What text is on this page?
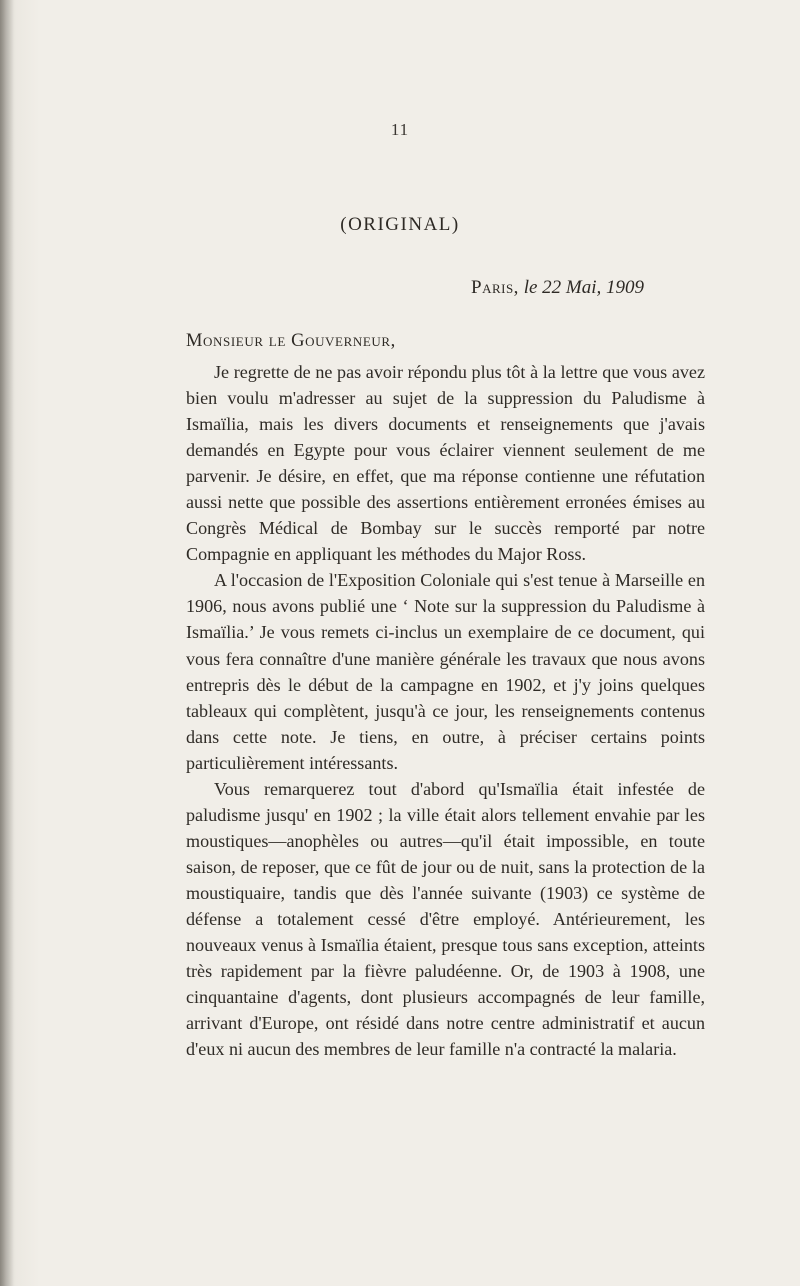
11
(ORIGINAL)
Paris, le 22 Mai, 1909
Monsieur le Gouverneur,

Je regrette de ne pas avoir répondu plus tôt à la lettre que vous avez bien voulu m'adresser au sujet de la suppression du Paludisme à Ismaïlia, mais les divers documents et renseignements que j'avais demandés en Egypte pour vous éclairer viennent seulement de me parvenir. Je désire, en effet, que ma réponse contienne une réfutation aussi nette que possible des assertions entièrement erronées émises au Congrès Médical de Bombay sur le succès remporté par notre Compagnie en appliquant les méthodes du Major Ross.

A l'occasion de l'Exposition Coloniale qui s'est tenue à Marseille en 1906, nous avons publié une ‘ Note sur la suppression du Paludisme à Ismaïlia.’ Je vous remets ci-inclus un exemplaire de ce document, qui vous fera connaître d'une manière générale les travaux que nous avons entrepris dès le début de la campagne en 1902, et j'y joins quelques tableaux qui complètent, jusqu'à ce jour, les renseignements contenus dans cette note. Je tiens, en outre, à préciser certains points particulièrement intéressants.

Vous remarquerez tout d'abord qu'Ismaïlia était infestée de paludisme jusqu' en 1902 ; la ville était alors tellement envahie par les moustiques—anophèles ou autres—qu'il était impossible, en toute saison, de reposer, que ce fût de jour ou de nuit, sans la protection de la moustiquaire, tandis que dès l'année suivante (1903) ce système de défense a totalement cessé d'être employé. Antérieurement, les nouveaux venus à Ismaïlia étaient, presque tous sans exception, atteints très rapidement par la fièvre paludéenne. Or, de 1903 à 1908, une cinquantaine d'agents, dont plusieurs accompagnés de leur famille, arrivant d'Europe, ont résidé dans notre centre administratif et aucun d'eux ni aucun des membres de leur famille n'a contracté la malaria.
